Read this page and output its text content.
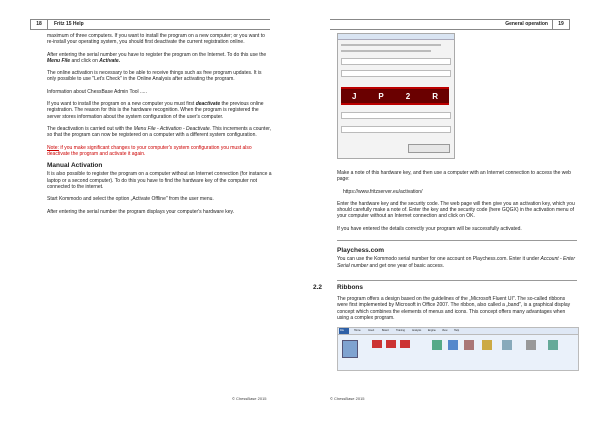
18	Fritz 15 Help

maximum of three computers. If you want to install the program on a new computer; or you want to re-install your operating system, you should first deactivate the current registration online.

After entering the serial number you have to register the program on the Internet. To do this use the Menu File and click on Activate.

The online activation is necessary to be able to receive things such as free program updates. It is only possible to use "Let's Check" in the Online Analysis after activating the program.

Information about ChessBase Admin Tool .....

If you want to install the program on a new computer you must first deactivate the previous online registration. The reason for this is the hardware recognition. When the program is registered the server stores information about the system configuration of the user's computer.

The deactivation is carried out with the Menu File - Activation - Deactivate. This increments a counter, so that the program can now be registered on a computer with a different system configuration.

Note: if you make significant changes to your computer's system configuration you must also deactivate the program and activate it again.

Manual Activation

It is also possible to register the program on a computer without an Internet connection (for instance a laptop or a second computer). To do this you have to find the hardware key of the computer not connected to the internet.

Start Kommodo and select the option „Activate Offline" from the user menu.

After entering the serial number the program displays your computer's hardware key.

© ChessBase 2015
General operation	19
J	P	2	R

Make a note of this hardware key, and then use a computer with an Internet connection to access the web page:

https://www.fritzserver.eu/activation/

Enter the hardware key and the security code. The web page will then give you an activation key, which you should carefully make a note of. Enter the key and the security code (here GQGX) in the activation menu of your computer without an Internet connection and click on OK.

If you have entered the details correctly your program will be successfully activated.

Playchess.com

You can use the Kommodo serial number for one account on Playchess.com. Enter it under Account - Enter Serial number and get one year of basic access.

2.2 Ribbons

The program offers a design based on the guidelines of the „Microsoft Fluent UI". The so-called ribbons were first implemented by Microsoft in Office 2007. The ribbon, also called a „band", is a graphical display concept which combines the elements of menus and icons. This concept offers many advantages when using a complex program.

File	Home	Insert	Board	Training	Analysis	Engine View	Help
© ChessBase 2015
